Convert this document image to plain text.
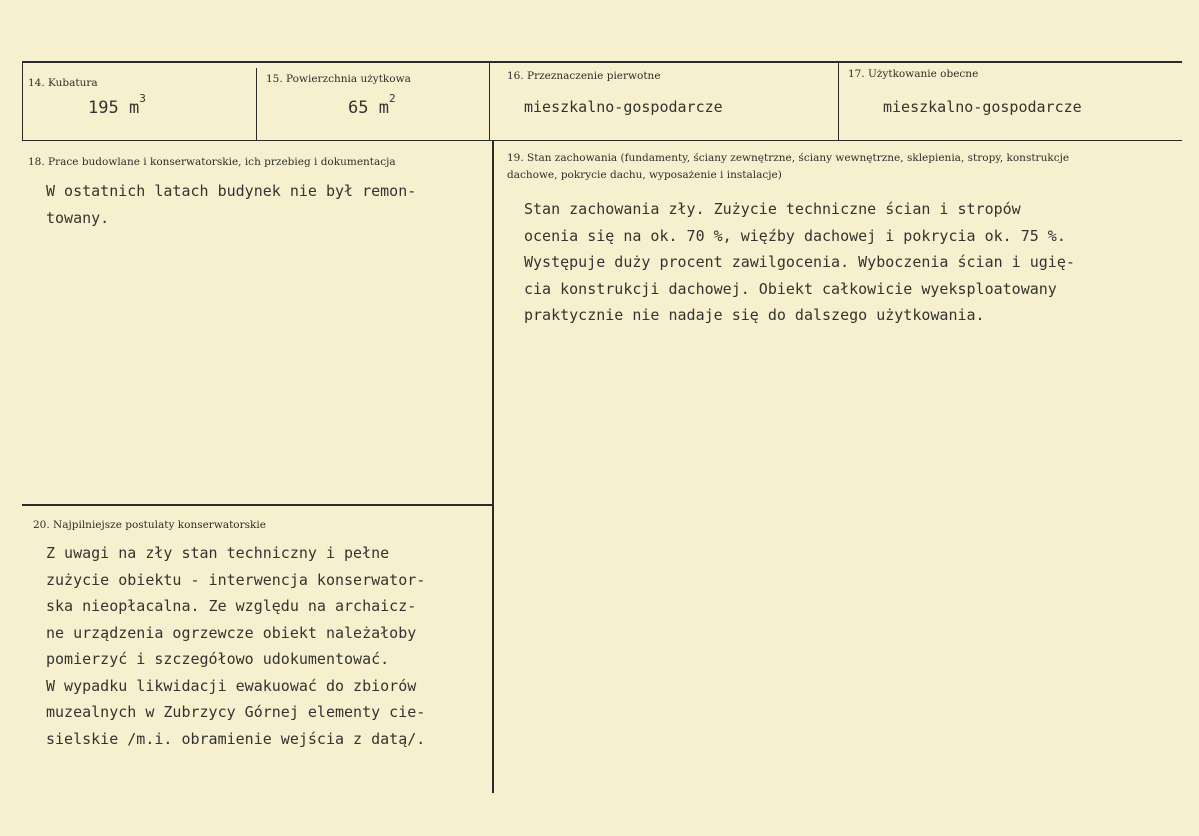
14. Kubatura
195 $m^3$
15. Powierzchnia użytkowa
65 $m^2$
16. Przeznaczenie pierwotne
mieszkalno-gospodarcze
17. Użytkowanie obecne
mieszkalno-gospodarcze
18. Prace budowlane i konserwatorskie, ich przebieg i dokumentacja
W ostatnich latach budynek nie był remon-
towany.
19. Stan zachowania (fundamenty, ściany zewnętrzne, ściany wewnętrzne, sklepienia, stropy, konstrukcje dachowe, pokrycie dachu, wyposażenie i instalacje)
Stan zachowania zły. Zużycie techniczne ścian i stropów
ocenia się na ok. 70 %, więźby dachowej i pokrycia ok. 75 %.
Występuje duży procent zawilgocenia. Wyboczenia ścian i ugię-
cia konstrukcji dachowej. Obiekt całkowicie wyeksploatowany
praktycznie nie nadaje się do dalszego użytkowania.
20. Najpilniejsze postulaty konserwatorskie
Z uwagi na zły stan techniczny i pełne
zużycie obiektu - interwencja konserwator-
ska nieopłacalna. Ze względu na archaicz-
ne urządzenia ogrzewcze obiekt należałoby
pomierzyć i szczegółowo udokumentować.
W wypadku likwidacji ewakuować do zbiorów
muzealnych w Zubrzycy Górnej elementy cie-
sielskie /m.i. obramienie wejścia z datą/.
